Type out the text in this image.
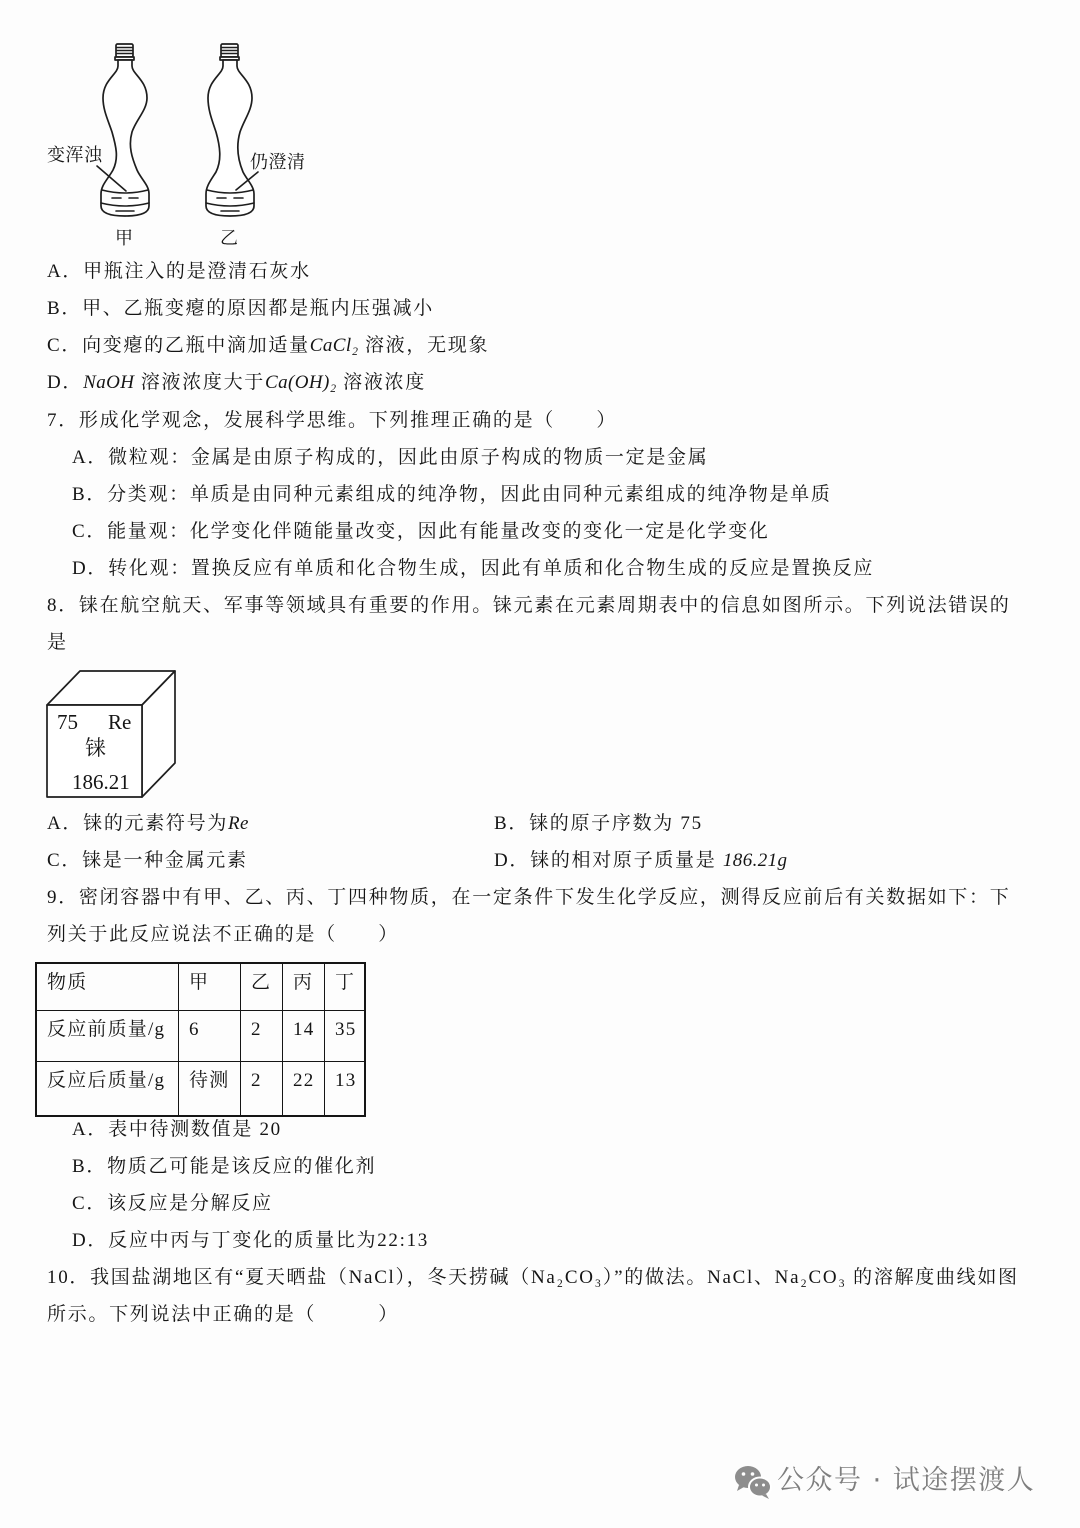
变浑浊	仍澄清
甲	乙
A．甲瓶注入的是澄清石灰水
B．甲、乙瓶变瘪的原因都是瓶内压强减小
C．向变瘪的乙瓶中滴加适量CaCl₂ 溶液，无现象
D．NaOH 溶液浓度大于Ca(OH)₂ 溶液浓度
7．形成化学观念，发展科学思维。下列推理正确的是（　　）
A．微粒观：金属是由原子构成的，因此由原子构成的物质一定是金属
B．分类观：单质是由同种元素组成的纯净物，因此由同种元素组成的纯净物是单质
C．能量观：化学变化伴随能量改变，因此有能量改变的变化一定是化学变化
D．转化观：置换反应有单质和化合物生成，因此有单质和化合物生成的反应是置换反应
8．铼在航空航天、军事等领域具有重要的作用。铼元素在元素周期表中的信息如图所示。下列说法错误的
是
75 Re
铼
186.21
A．铼的元素符号为Re	B．铼的原子序数为 75
C．铼是一种金属元素	D．铼的相对原子质量是 186.21g
9．密闭容器中有甲、乙、丙、丁四种物质，在一定条件下发生化学反应，测得反应前后有关数据如下：下
列关于此反应说法不正确的是（　　）
物质	甲	乙	丙	丁
反应前质量/g	6	2	14	35
反应后质量/g	待测	2	22	13
A．表中待测数值是 20
B．物质乙可能是该反应的催化剂
C．该反应是分解反应
D．反应中丙与丁变化的质量比为22:13
10．我国盐湖地区有“夏天晒盐（NaCl），冬天捞碱（Na₂CO₃）”的做法。NaCl、Na₂CO₃ 的溶解度曲线如图
所示。下列说法中正确的是（　　　）
公众号 · 试途摆渡人
